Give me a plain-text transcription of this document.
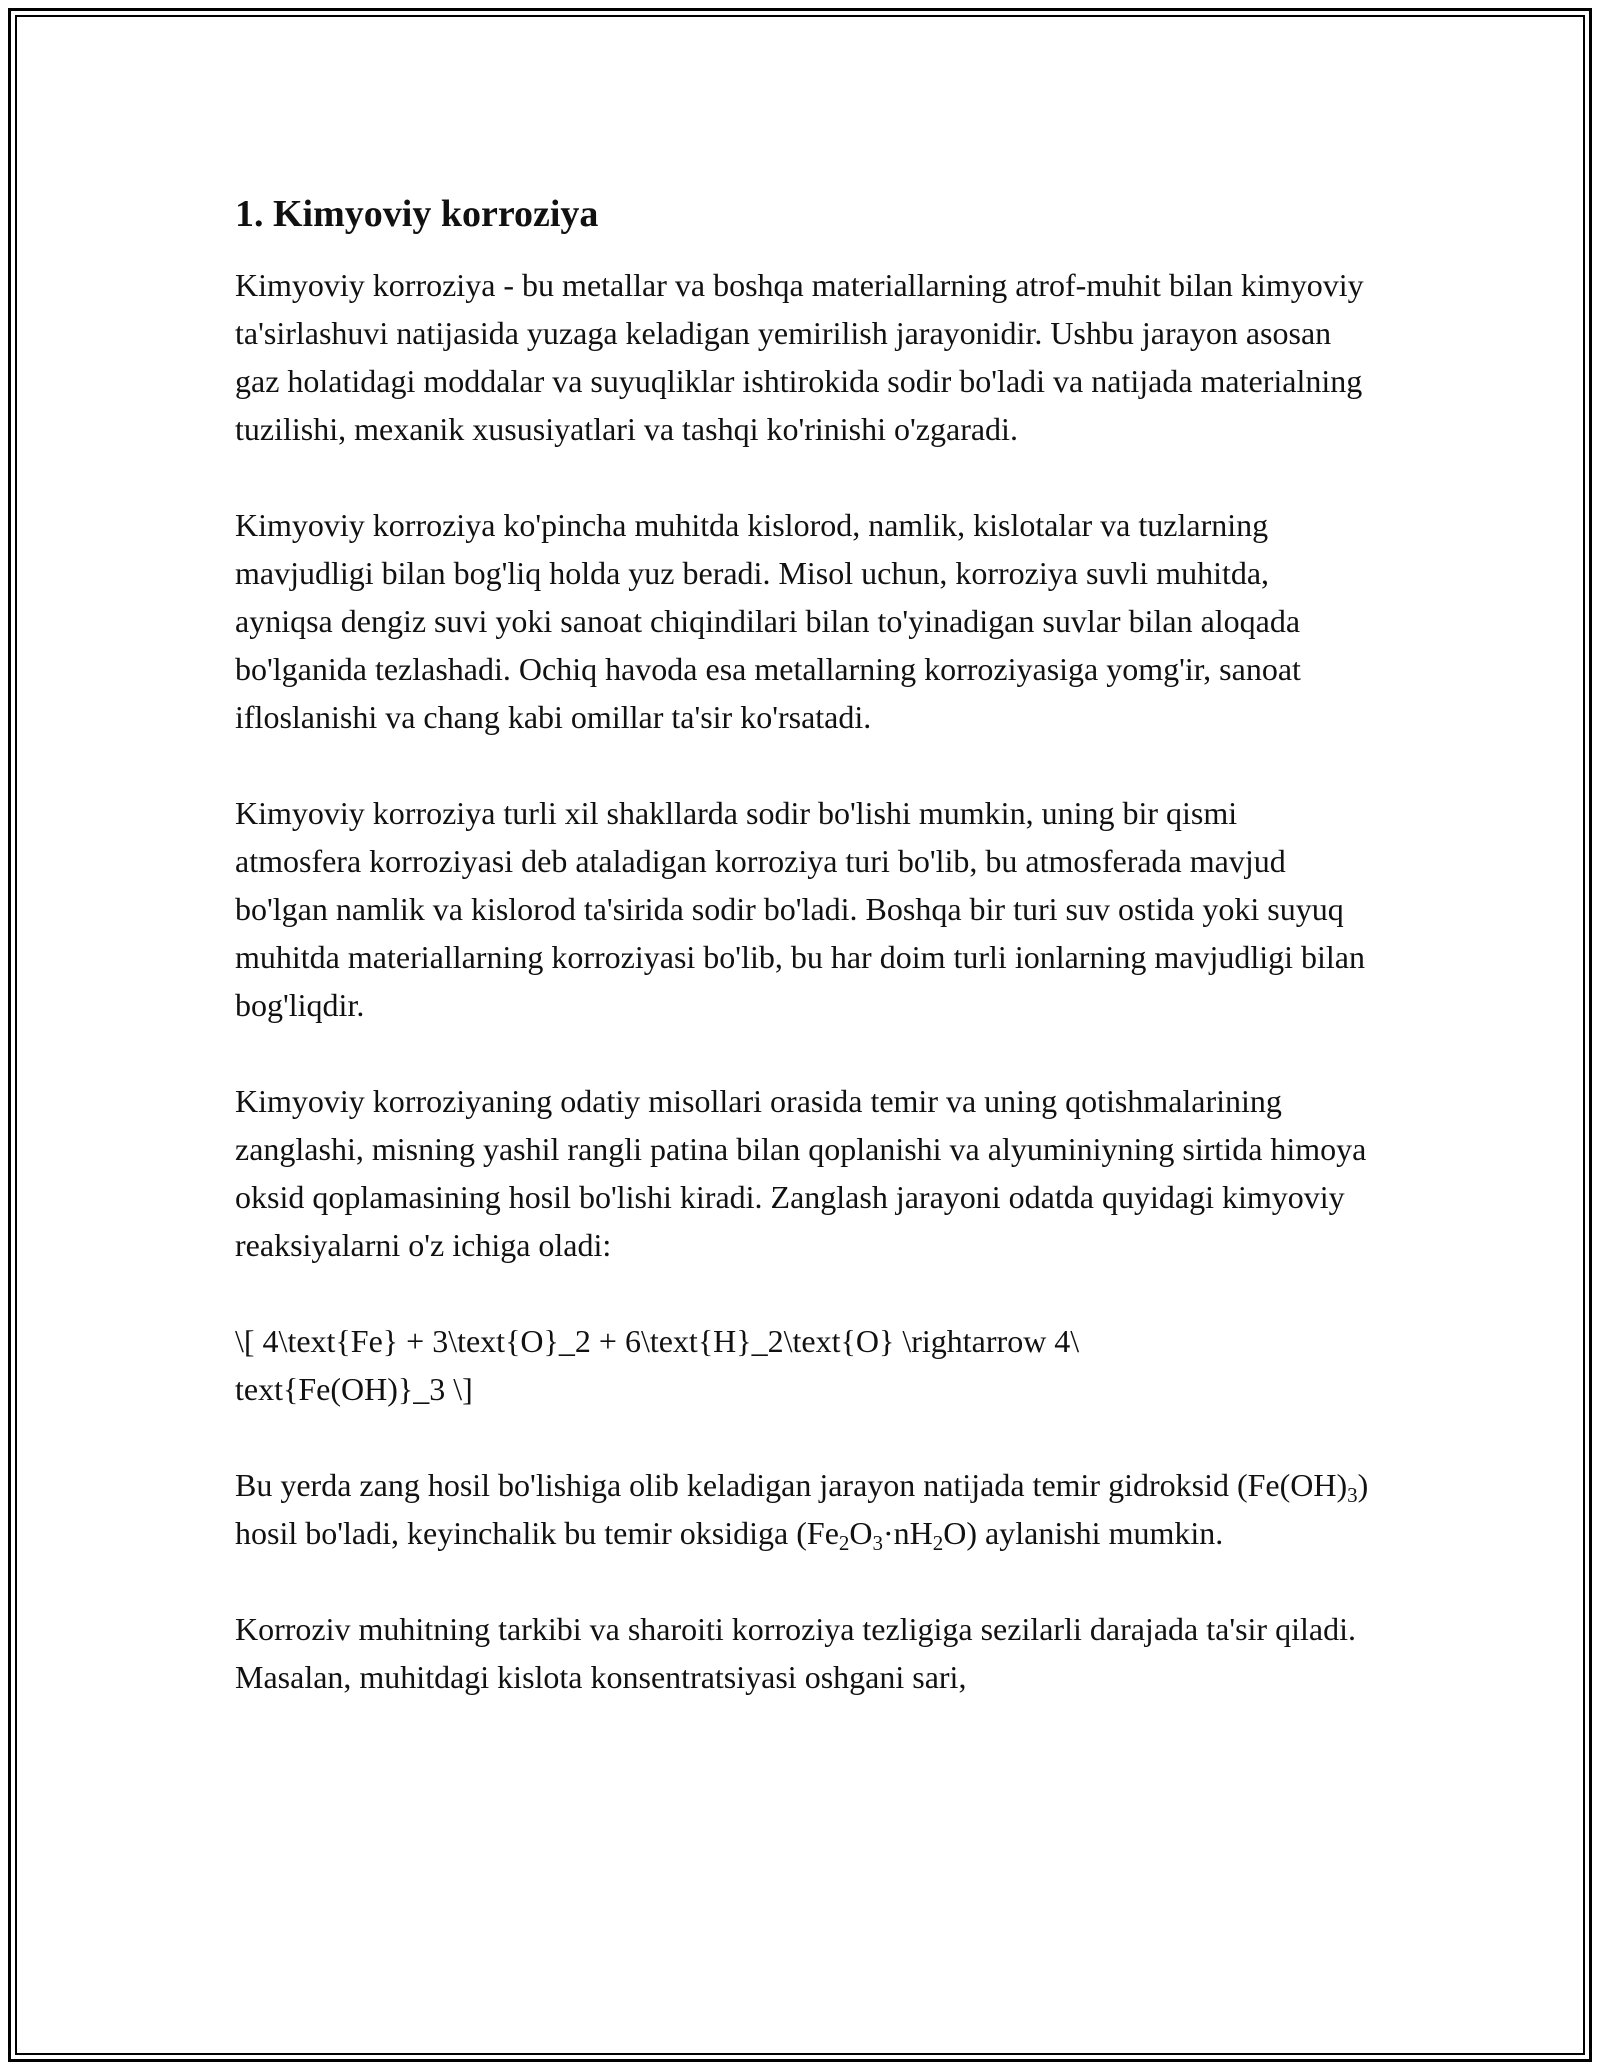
1. Kimyoviy korroziya

Kimyoviy korroziya - bu metallar va boshqa materiallarning atrof-muhit bilan kimyoviy ta'sirlashuvi natijasida yuzaga keladigan yemirilish jarayonidir. Ushbu jarayon asosan gaz holatidagi moddalar va suyuqliklar ishtirokida sodir bo'ladi va natijada materialning tuzilishi, mexanik xususiyatlari va tashqi ko'rinishi o'zgaradi.

Kimyoviy korroziya ko'pincha muhitda kislorod, namlik, kislotalar va tuzlarning mavjudligi bilan bog'liq holda yuz beradi. Misol uchun, korroziya suvli muhitda, ayniqsa dengiz suvi yoki sanoat chiqindilari bilan to'yinadigan suvlar bilan aloqada bo'lganida tezlashadi. Ochiq havoda esa metallarning korroziyasiga yomg'ir, sanoat ifloslanishi va chang kabi omillar ta'sir ko'rsatadi.

Kimyoviy korroziya turli xil shakllarda sodir bo'lishi mumkin, uning bir qismi atmosfera korroziyasi deb ataladigan korroziya turi bo'lib, bu atmosferada mavjud bo'lgan namlik va kislorod ta'sirida sodir bo'ladi. Boshqa bir turi suv ostida yoki suyuq muhitda materiallarning korroziyasi bo'lib, bu har doim turli ionlarning mavjudligi bilan bog'liqdir.

Kimyoviy korroziyaning odatiy misollari orasida temir va uning qotishmalarining zanglashi, misning yashil rangli patina bilan qoplanishi va alyuminiyning sirtida himoya oksid qoplamasining hosil bo'lishi kiradi. Zanglash jarayoni odatda quyidagi kimyoviy reaksiyalarni o'z ichiga oladi:

\[ 4\text{Fe} + 3\text{O}_2 + 6\text{H}_2\text{O} \rightarrow 4\
text{Fe(OH)}_3 \]

Bu yerda zang hosil bo'lishiga olib keladigan jarayon natijada temir gidroksid $(Fe(OH)_3)$ hosil bo'ladi, keyinchalik bu temir oksidiga $(Fe_2O_3\cdot nH_2O)$ aylanishi mumkin.

Korroziv muhitning tarkibi va sharoiti korroziya tezligiga sezilarli darajada ta'sir qiladi. Masalan, muhitdagi kislota konsentratsiyasi oshgani sari,
